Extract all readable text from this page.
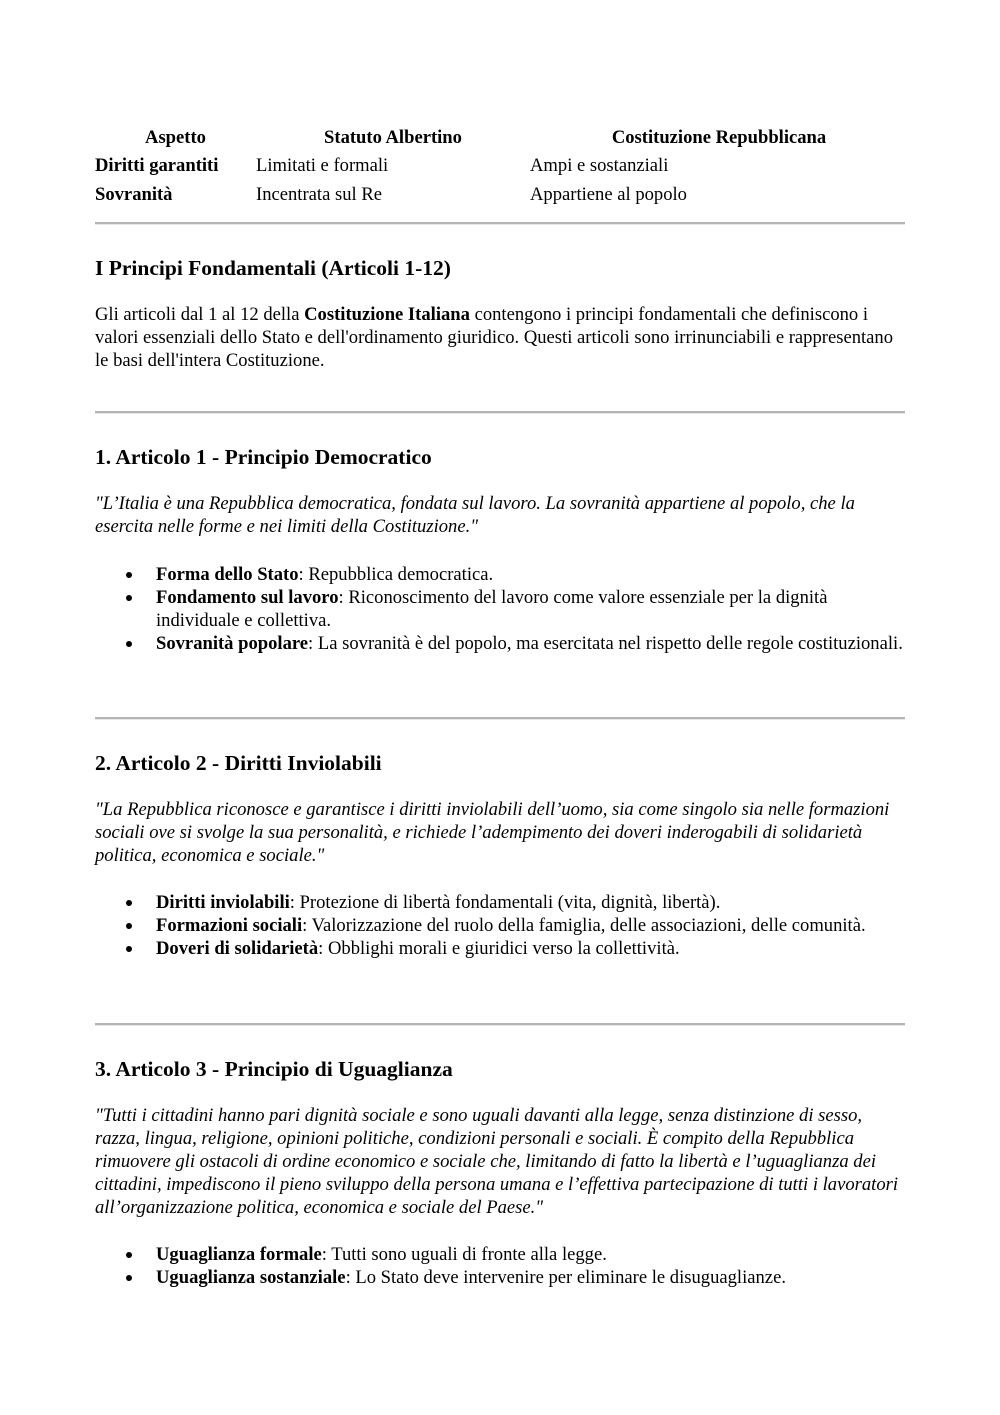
Aspetto	Statuto Albertino	Costituzione Repubblicana
Diritti garantiti	Limitati e formali	Ampi e sostanziali
Sovranità	Incentrata sul Re	Appartiene al popolo
I Principi Fondamentali (Articoli 1-12)

Gli articoli dal 1 al 12 della Costituzione Italiana contengono i principi fondamentali che definiscono i valori essenziali dello Stato e dell'ordinamento giuridico. Questi articoli sono irrinunciabili e rappresentano le basi dell'intera Costituzione.

1. Articolo 1 - Principio Democratico

"L’Italia è una Repubblica democratica, fondata sul lavoro. La sovranità appartiene al popolo, che la esercita nelle forme e nei limiti della Costituzione."

Forma dello Stato: Repubblica democratica.
Fondamento sul lavoro: Riconoscimento del lavoro come valore essenziale per la dignità individuale e collettiva.
Sovranità popolare: La sovranità è del popolo, ma esercitata nel rispetto delle regole costituzionali.
2. Articolo 2 - Diritti Inviolabili

"La Repubblica riconosce e garantisce i diritti inviolabili dell’uomo, sia come singolo sia nelle formazioni sociali ove si svolge la sua personalità, e richiede l’adempimento dei doveri inderogabili di solidarietà politica, economica e sociale."

Diritti inviolabili: Protezione di libertà fondamentali (vita, dignità, libertà).
Formazioni sociali: Valorizzazione del ruolo della famiglia, delle associazioni, delle comunità.
Doveri di solidarietà: Obblighi morali e giuridici verso la collettività.
3. Articolo 3 - Principio di Uguaglianza

"Tutti i cittadini hanno pari dignità sociale e sono uguali davanti alla legge, senza distinzione di sesso, razza, lingua, religione, opinioni politiche, condizioni personali e sociali. È compito della Repubblica rimuovere gli ostacoli di ordine economico e sociale che, limitando di fatto la libertà e l’uguaglianza dei cittadini, impediscono il pieno sviluppo della persona umana e l’effettiva partecipazione di tutti i lavoratori all’organizzazione politica, economica e sociale del Paese."

Uguaglianza formale: Tutti sono uguali di fronte alla legge.
Uguaglianza sostanziale: Lo Stato deve intervenire per eliminare le disuguaglianze.
